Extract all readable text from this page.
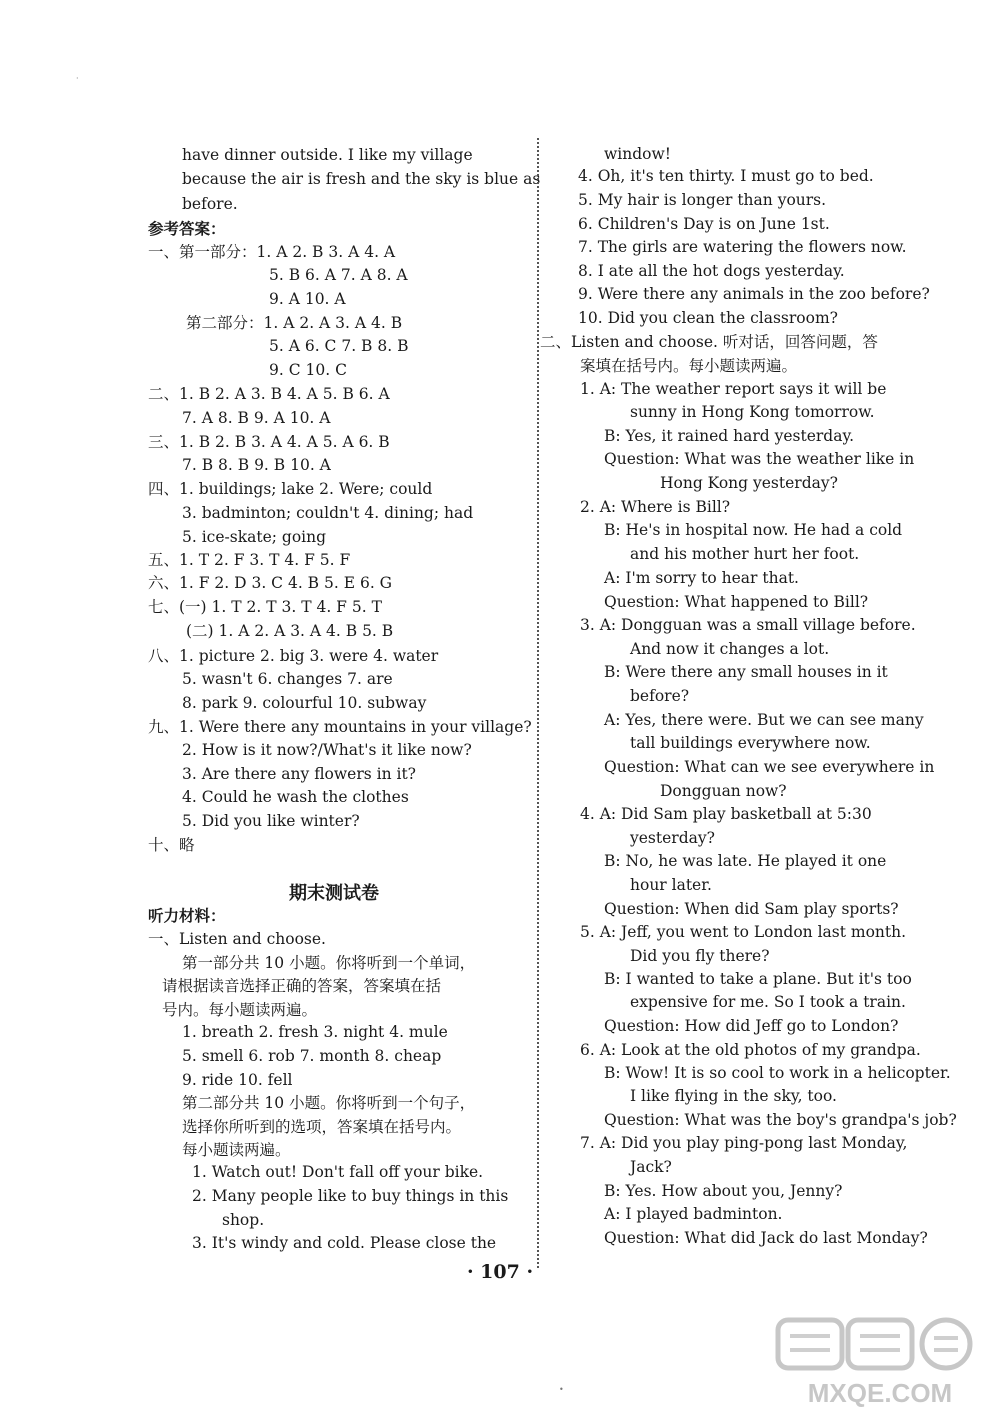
期末测试卷
have dinner outside. I like my village
because the air is fresh and the sky is blue as
before.
参考答案：
一、第一部分：1. A 2. B 3. A 4. A
5. B 6. A 7. A 8. A
9. A 10. A
第二部分：1. A 2. A 3. A 4. B
5. A 6. C 7. B 8. B
9. C 10. C
二、1. B 2. A 3. B 4. A 5. B 6. A
7. A 8. B 9. A 10. A
三、1. B 2. B 3. A 4. A 5. A 6. B
7. B 8. B 9. B 10. A
四、1. buildings; lake 2. Were; could
3. badminton; couldn't 4. dining; had
5. ice-skate; going
五、1. T 2. F 3. T 4. F 5. F
六、1. F 2. D 3. C 4. B 5. E 6. G
七、(一) 1. T 2. T 3. T 4. F 5. T
(二) 1. A 2. A 3. A 4. B 5. B
八、1. picture 2. big 3. were 4. water
5. wasn't 6. changes 7. are
8. park 9. colourful 10. subway
九、1. Were there any mountains in your village?
2. How is it now?/What's it like now?
3. Are there any flowers in it?
4. Could he wash the clothes
5. Did you like winter?
十、略
听力材料：
一、Listen and choose.
第一部分共 10 小题。你将听到一个单词，
请根据读音选择正确的答案，答案填在括
号内。每小题读两遍。
1. breath 2. fresh 3. night 4. mule
5. smell 6. rob 7. month 8. cheap
9. ride 10. fell
第二部分共 10 小题。你将听到一个句子，
选择你所听到的选项，答案填在括号内。
每小题读两遍。
1. Watch out! Don't fall off your bike.
2. Many people like to buy things in this
shop.
3. It's windy and cold. Please close the
window!
4. Oh, it's ten thirty. I must go to bed.
5. My hair is longer than yours.
6. Children's Day is on June 1st.
7. The girls are watering the flowers now.
8. I ate all the hot dogs yesterday.
9. Were there any animals in the zoo before?
10. Did you clean the classroom?
二、Listen and choose. 听对话，回答问题，答
案填在括号内。每小题读两遍。
1. A: The weather report says it will be
sunny in Hong Kong tomorrow.
B: Yes, it rained hard yesterday.
Question: What was the weather like in
Hong Kong yesterday?
2. A: Where is Bill?
B: He's in hospital now. He had a cold
and his mother hurt her foot.
A: I'm sorry to hear that.
Question: What happened to Bill?
3. A: Dongguan was a small village before.
And now it changes a lot.
B: Were there any small houses in it
before?
A: Yes, there were. But we can see many
tall buildings everywhere now.
Question: What can we see everywhere in
Dongguan now?
4. A: Did Sam play basketball at 5:30
yesterday?
B: No, he was late. He played it one
hour later.
Question: When did Sam play sports?
5. A: Jeff, you went to London last month.
Did you fly there?
B: I wanted to take a plane. But it's too
expensive for me. So I took a train.
Question: How did Jeff go to London?
6. A: Look at the old photos of my grandpa.
B: Wow! It is so cool to work in a helicopter.
I like flying in the sky, too.
Question: What was the boy's grandpa's job?
7. A: Did you play ping-pong last Monday,
Jack?
B: Yes. How about you, Jenny?
A: I played badminton.
Question: What did Jack do last Monday?
· 107 ·
·
•	MXQE.COM
